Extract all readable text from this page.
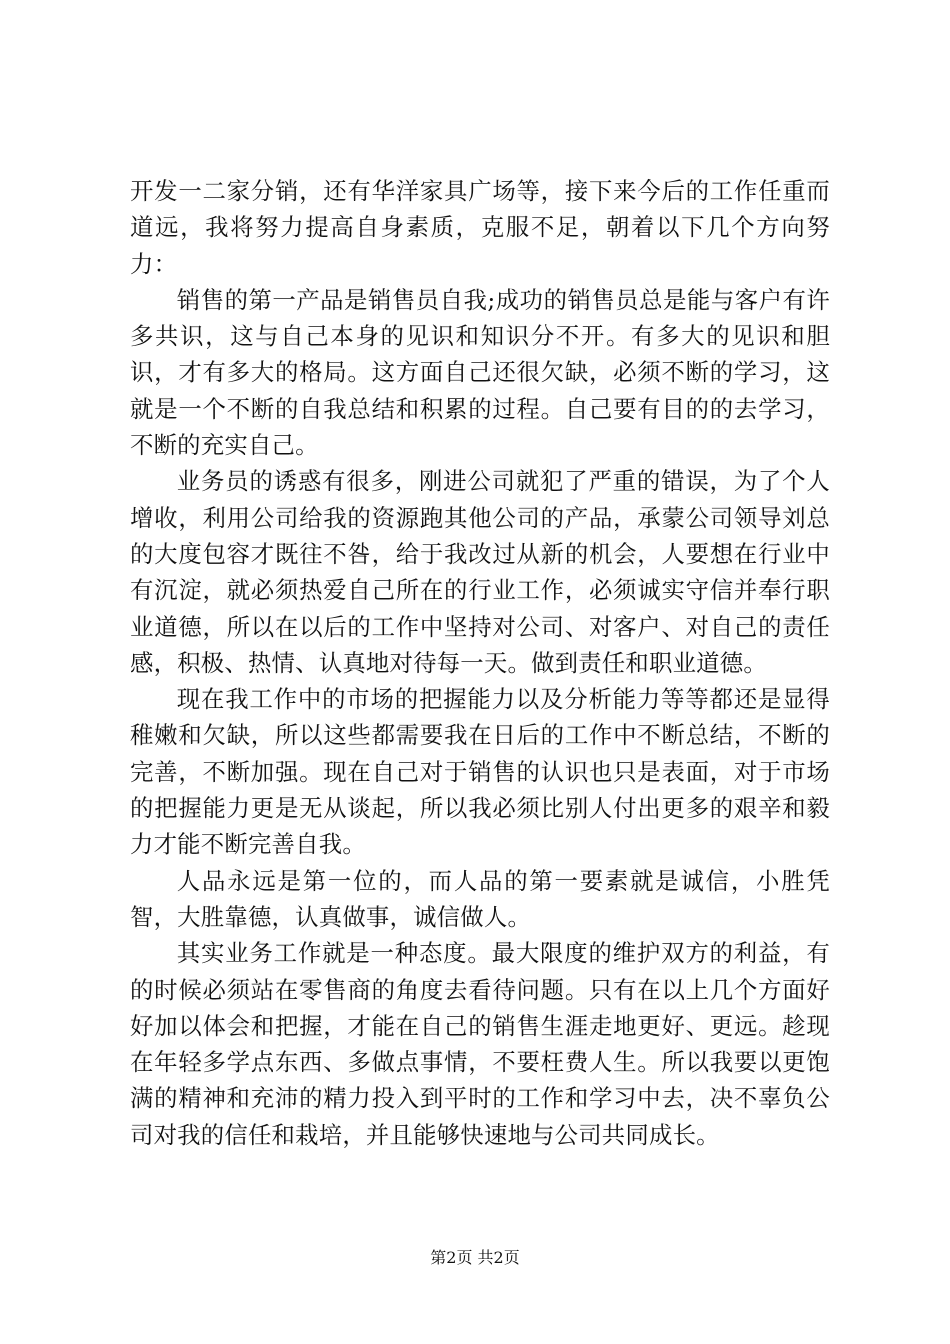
开发一二家分销，还有华洋家具广场等，接下来今后的工作任重而道远，我将努力提高自身素质，克服不足，朝着以下几个方向努力：

销售的第一产品是销售员自我;成功的销售员总是能与客户有许多共识，这与自己本身的见识和知识分不开。有多大的见识和胆识，才有多大的格局。这方面自己还很欠缺，必须不断的学习，这就是一个不断的自我总结和积累的过程。自己要有目的的去学习，不断的充实自己。

业务员的诱惑有很多，刚进公司就犯了严重的错误，为了个人增收，利用公司给我的资源跑其他公司的产品，承蒙公司领导刘总的大度包容才既往不咎，给于我改过从新的机会，人要想在行业中有沉淀，就必须热爱自己所在的行业工作，必须诚实守信并奉行职业道德，所以在以后的工作中坚持对公司、对客户、对自己的责任感，积极、热情、认真地对待每一天。做到责任和职业道德。

现在我工作中的市场的把握能力以及分析能力等等都还是显得稚嫩和欠缺，所以这些都需要我在日后的工作中不断总结，不断的完善，不断加强。现在自己对于销售的认识也只是表面，对于市场的把握能力更是无从谈起，所以我必须比别人付出更多的艰辛和毅力才能不断完善自我。

人品永远是第一位的，而人品的第一要素就是诚信，小胜凭智，大胜靠德，认真做事，诚信做人。

其实业务工作就是一种态度。最大限度的维护双方的利益，有的时候必须站在零售商的角度去看待问题。只有在以上几个方面好好加以体会和把握，才能在自己的销售生涯走地更好、更远。趁现在年轻多学点东西、多做点事情，不要枉费人生。所以我要以更饱满的精神和充沛的精力投入到平时的工作和学习中去，决不辜负公司对我的信任和栽培，并且能够快速地与公司共同成长。

第2页 共2页
